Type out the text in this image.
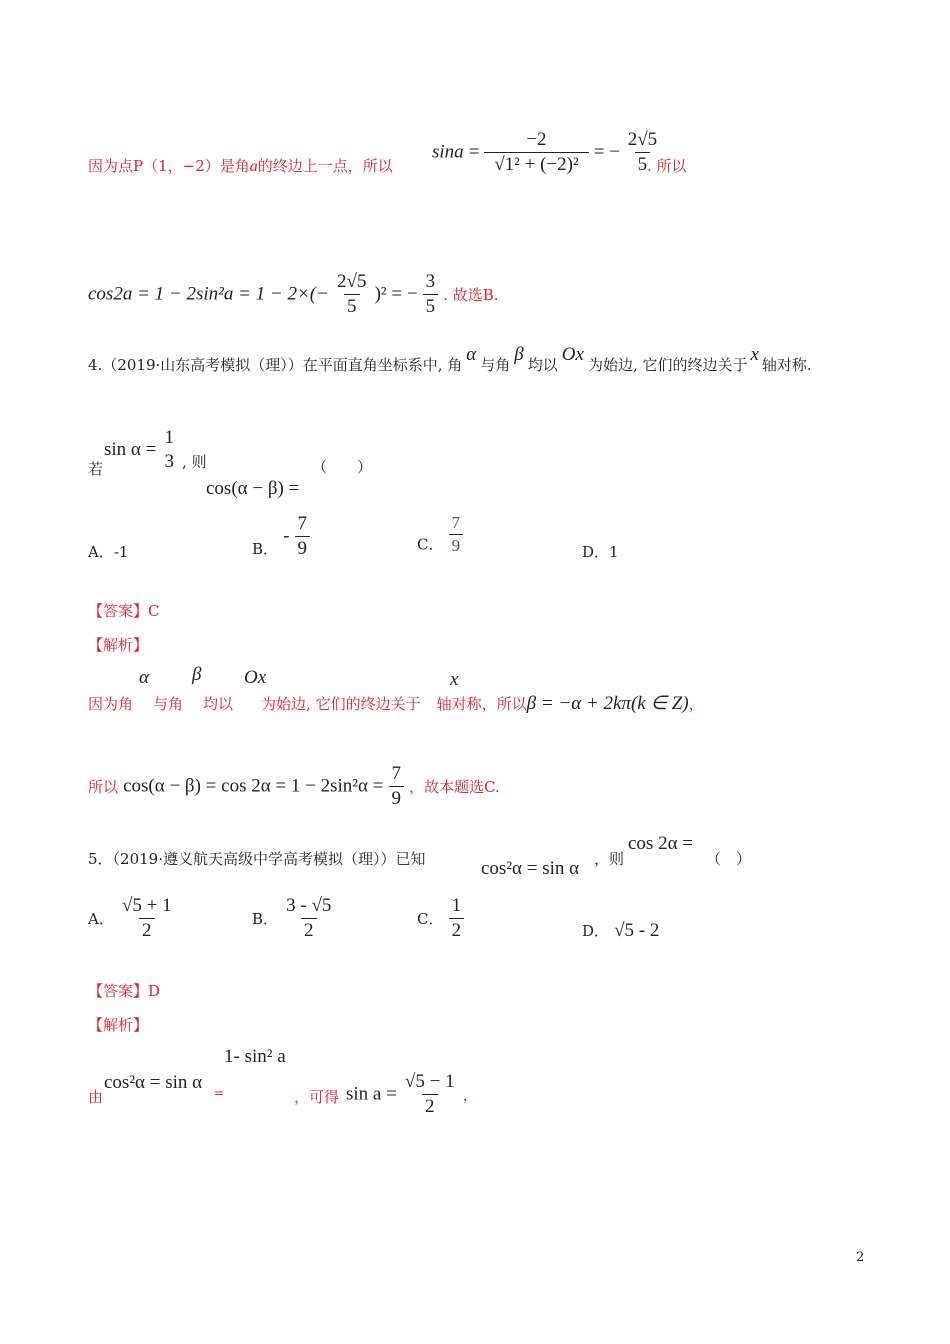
因为点P（1，−2）是角a的终边上一点，所以
$\sin a = \frac{-2}{\text{√1² + (−2)²}}$ = − $\frac{2√5}{5}$
. 所以
$\cos 2a = 1 - 2\sin^2a = 1 - 2\times(- \frac{2√5}{5} )^2$ = − $\frac{3}{5}$ . 故选B.
4.（2019·山东高考模拟（理））在平面直角坐标系中, 角 α 与角 β 均以 Ox 为始边, 它们的终边关于 x 轴对称.
若
sin α =
1
3 , 则	（　　）
cos(α − β) =
A．-1	B． - $\frac{7}{9}$	C． $\frac{7}{9}$	D．1
【答案】C
【解析】
α β Ox	x
因为角 与角 均以 为始边, 它们的终边关于 轴对称，所以β = −α + 2kπ(k ∈ Z)，
所以 $\cos(\alpha - \beta) = \cos 2\alpha = 1 - 2\sin^2\alpha = \frac{7}{9}$ ，故本题选C.
5．（2019·遵义航天高级中学高考模拟（理））已知	cos²α = sin α ，则
cos 2α =
（　）
A． $\frac{√5 + 1}{2}$	B． $\frac{3 - √5}{2}$	C． $\frac{1}{2}$	D． √5 - 2
【答案】D
【解析】
1- sin² a
由
cos²α = sin α =	，可得 $\sin a = \frac{√5 - 1}{2}$ ，
2
